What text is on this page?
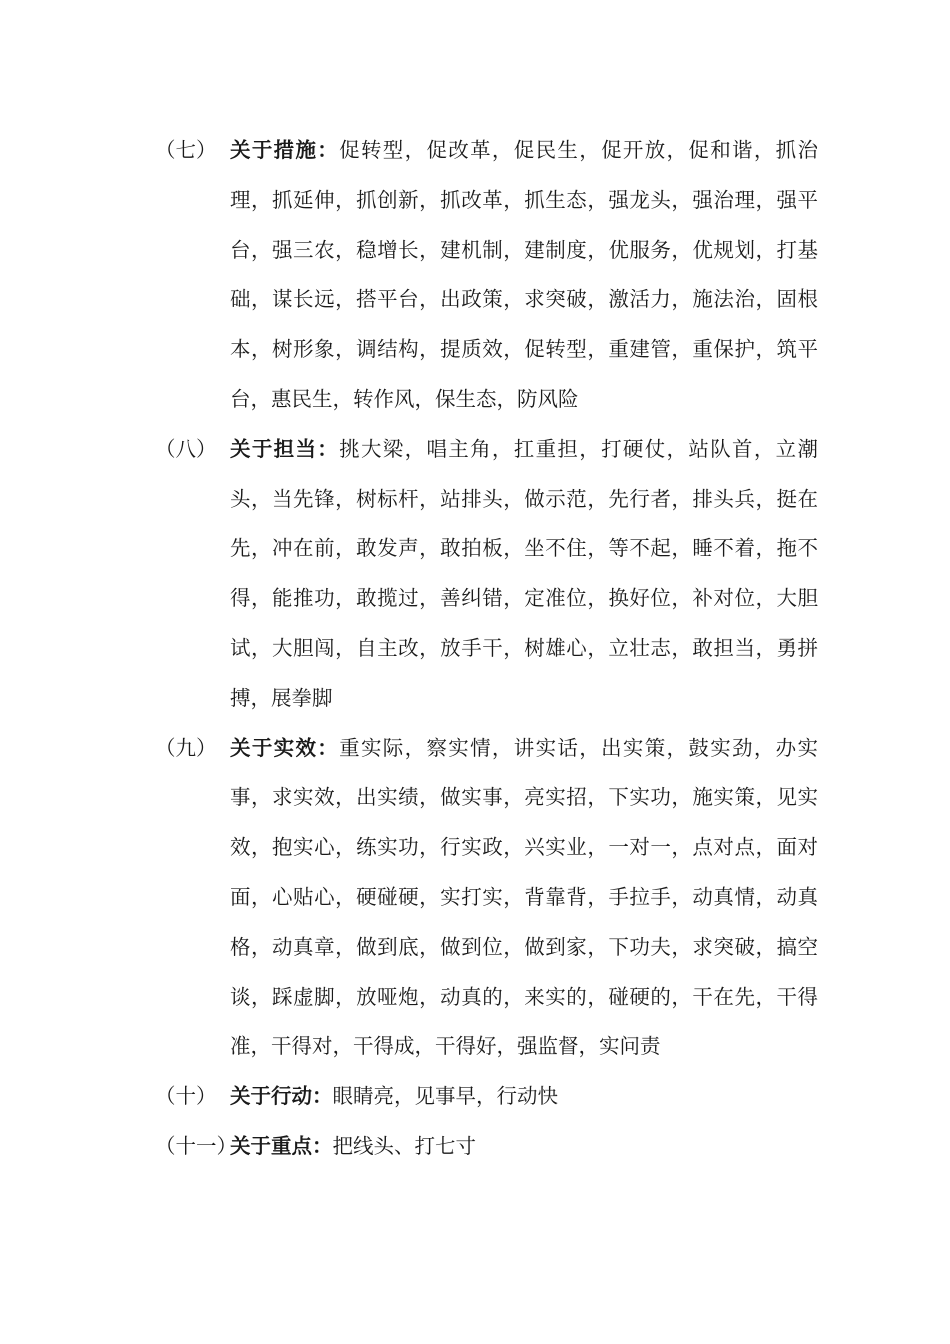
（七） 关于措施：促转型，促改革，促民生，促开放，促和谐，抓治理，抓延伸，抓创新，抓改革，抓生态，强龙头，强治理，强平台，强三农，稳增长，建机制，建制度，优服务，优规划，打基础，谋长远，搭平台，出政策，求突破，激活力，施法治，固根本，树形象，调结构，提质效，促转型，重建管，重保护，筑平台，惠民生，转作风，保生态，防风险
（八） 关于担当：挑大梁，唱主角，扛重担，打硬仗，站队首，立潮头，当先锋，树标杆，站排头，做示范，先行者，排头兵，挺在先，冲在前，敢发声，敢拍板，坐不住，等不起，睡不着，拖不得，能推功，敢揽过，善纠错，定准位，换好位，补对位，大胆试，大胆闯，自主改，放手干，树雄心，立壮志，敢担当，勇拼搏，展拳脚
（九） 关于实效：重实际，察实情，讲实话，出实策，鼓实劲，办实事，求实效，出实绩，做实事，亮实招，下实功，施实策，见实效，抱实心，练实功，行实政，兴实业，一对一，点对点，面对面，心贴心，硬碰硬，实打实，背靠背，手拉手，动真情，动真格，动真章，做到底，做到位，做到家，下功夫，求突破，搞空谈，踩虚脚，放哑炮，动真的，来实的，碰硬的，干在先，干得准，干得对，干得成，干得好，强监督，实问责
（十） 关于行动：眼睛亮，见事早，行动快
（十一）
关于重点：把线头、打七寸
